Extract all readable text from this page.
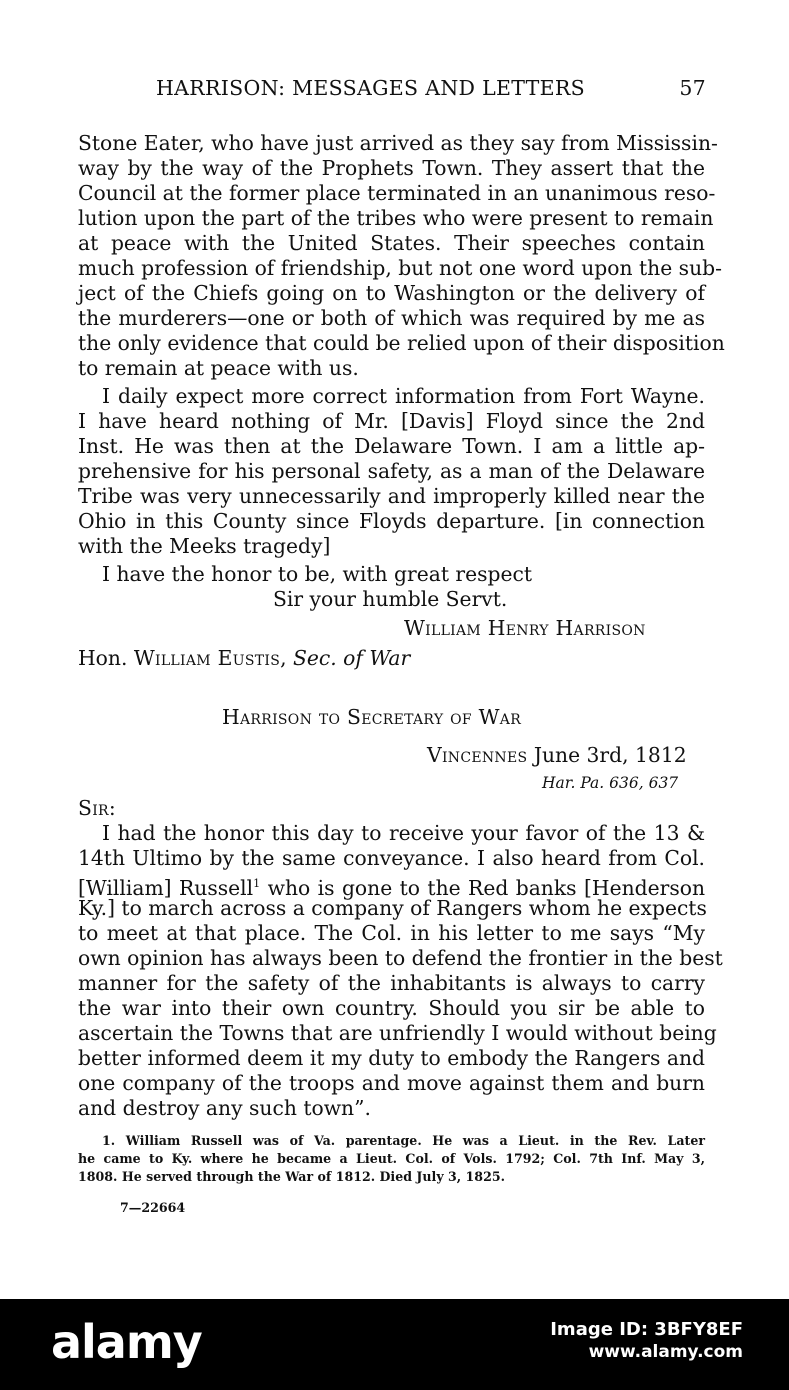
HARRISON: MESSAGES AND LETTERS	57
Stone Eater, who have just arrived as they say from Mississin-
way by the way of the Prophets Town. They assert that the
Council at the former place terminated in an unanimous reso-
lution upon the part of the tribes who were present to remain
at peace with the United States. Their speeches contain
much profession of friendship, but not one word upon the sub-
ject of the Chiefs going on to Washington or the delivery of
the murderers—one or both of which was required by me as
the only evidence that could be relied upon of their disposition
to remain at peace with us.
I daily expect more correct information from Fort Wayne.
I have heard nothing of Mr. [Davis] Floyd since the 2nd
Inst. He was then at the Delaware Town. I am a little ap-
prehensive for his personal safety, as a man of the Delaware
Tribe was very unnecessarily and improperly killed near the
Ohio in this County since Floyds departure. [in connection
with the Meeks tragedy]
I have the honor to be, with great respect
Sir your humble Servt.
William Henry Harrison
Hon. William Eustis, Sec. of War
Harrison to Secretary of War
Vincennes June 3rd, 1812
Har. Pa. 636, 637
Sir:
I had the honor this day to receive your favor of the 13 &
14th Ultimo by the same conveyance. I also heard from Col.
[William] Russell$^1$ who is gone to the Red banks [Henderson
Ky.] to march across a company of Rangers whom he expects
to meet at that place. The Col. in his letter to me says “My
own opinion has always been to defend the frontier in the best
manner for the safety of the inhabitants is always to carry
the war into their own country. Should you sir be able to
ascertain the Towns that are unfriendly I would without being
better informed deem it my duty to embody the Rangers and
one company of the troops and move against them and burn
and destroy any such town”.
1. William Russell was of Va. parentage. He was a Lieut. in the Rev. Later
he came to Ky. where he became a Lieut. Col. of Vols. 1792; Col. 7th Inf. May 3,
1808. He served through the War of 1812. Died July 3, 1825.
7—22664
alamy	Image ID: 3BFY8EF
www.alamy.com
